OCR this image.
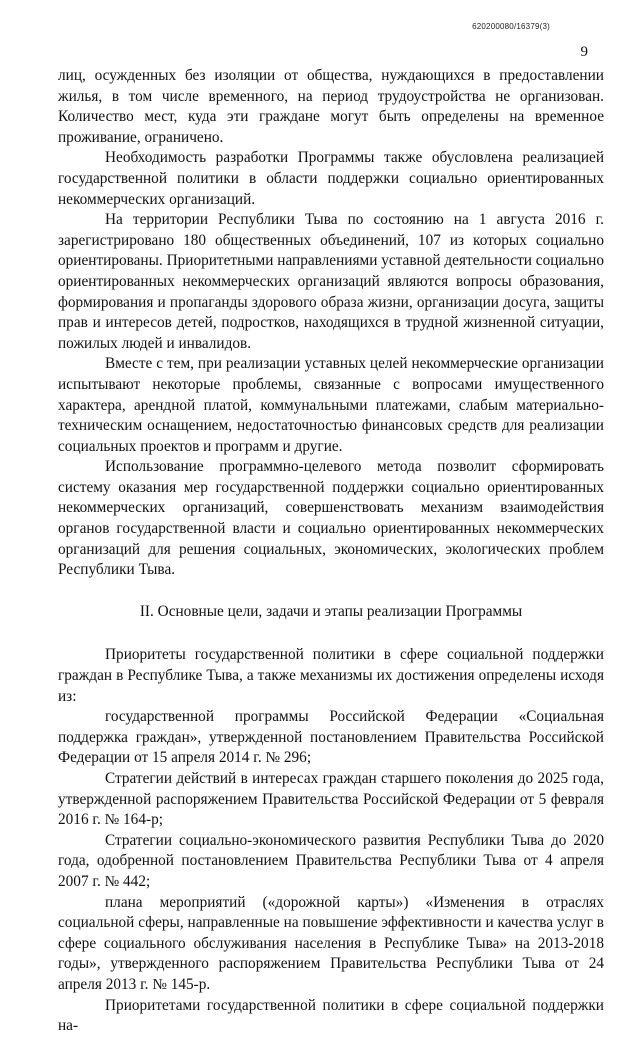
620200080/16379(3)
9

лиц, осужденных без изоляции от общества, нуждающихся в предоставлении жилья, в том числе временного, на период трудоустройства не организован. Количество мест, куда эти граждане могут быть определены на временное проживание, ограничено.

Необходимость разработки Программы также обусловлена реализацией государственной политики в области поддержки социально ориентированных некоммерческих организаций.

На территории Республики Тыва по состоянию на 1 августа 2016 г. зарегистрировано 180 общественных объединений, 107 из которых социально ориентированы. Приоритетными направлениями уставной деятельности социально ориентированных некоммерческих организаций являются вопросы образования, формирования и пропаганды здорового образа жизни, организации досуга, защиты прав и интересов детей, подростков, находящихся в трудной жизненной ситуации, пожилых людей и инвалидов.

Вместе с тем, при реализации уставных целей некоммерческие организации испытывают некоторые проблемы, связанные с вопросами имущественного характера, арендной платой, коммунальными платежами, слабым материально-техническим оснащением, недостаточностью финансовых средств для реализации социальных проектов и программ и другие.

Использование программно-целевого метода позволит сформировать систему оказания мер государственной поддержки социально ориентированных некоммерческих организаций, совершенствовать механизм взаимодействия органов государственной власти и социально ориентированных некоммерческих организаций для решения социальных, экономических, экологических проблем Республики Тыва.

II. Основные цели, задачи и этапы реализации Программы

Приоритеты государственной политики в сфере социальной поддержки граждан в Республике Тыва, а также механизмы их достижения определены исходя из:

государственной программы Российской Федерации «Социальная поддержка граждан», утвержденной постановлением Правительства Российской Федерации от 15 апреля 2014 г. № 296;

Стратегии действий в интересах граждан старшего поколения до 2025 года, утвержденной распоряжением Правительства Российской Федерации от 5 февраля 2016 г. № 164-р;

Стратегии социально-экономического развития Республики Тыва до 2020 года, одобренной постановлением Правительства Республики Тыва от 4 апреля 2007 г. № 442;

плана мероприятий («дорожной карты») «Изменения в отраслях социальной сферы, направленные на повышение эффективности и качества услуг в сфере социального обслуживания населения в Республике Тыва» на 2013-2018 годы», утвержденного распоряжением Правительства Республики Тыва от 24 апреля 2013 г. № 145-р.

Приоритетами государственной политики в сфере социальной поддержки на-
